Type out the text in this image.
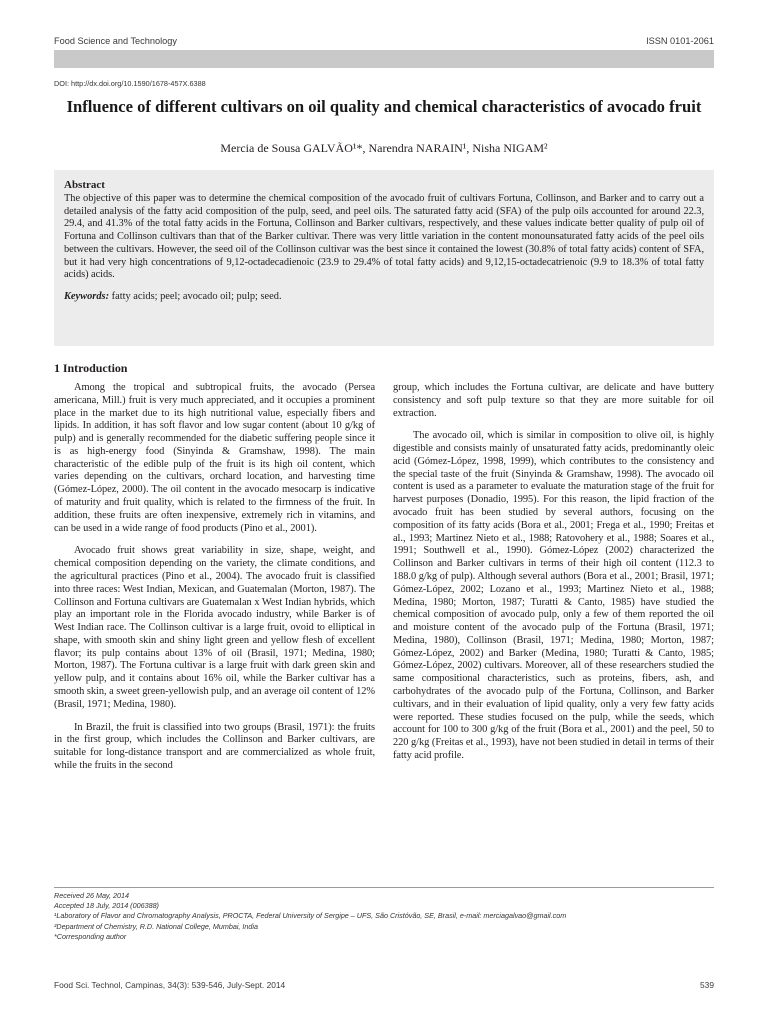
Food Science and Technology	ISSN 0101-2061
DOI: http://dx.doi.org/10.1590/1678-457X.6388
Influence of different cultivars on oil quality and chemical characteristics of avocado fruit
Mercia de Sousa GALVÃO¹*, Narendra NARAIN¹, Nisha NIGAM²
Abstract

The objective of this paper was to determine the chemical composition of the avocado fruit of cultivars Fortuna, Collinson, and Barker and to carry out a detailed analysis of the fatty acid composition of the pulp, seed, and peel oils. The saturated fatty acid (SFA) of the pulp oils accounted for around 22.3, 29.4, and 41.3% of the total fatty acids in the Fortuna, Collinson and Barker cultivars, respectively, and these values indicate better quality of pulp oil of Fortuna and Collinson cultivars than that of the Barker cultivar. There was very little variation in the content monounsaturated fatty acids of the peel oils between the cultivars. However, the seed oil of the Collinson cultivar was the best since it contained the lowest (30.8% of total fatty acids) content of SFA, but it had very high concentrations of 9,12-octadecadienoic (23.9 to 29.4% of total fatty acids) and 9,12,15-octadecatrienoic (9.9 to 18.3% of total fatty acids) acids.

Keywords: fatty acids; peel; avocado oil; pulp; seed.
1 Introduction

Among the tropical and subtropical fruits, the avocado (Persea americana, Mill.) fruit is very much appreciated, and it occupies a prominent place in the market due to its high nutritional value, especially fibers and lipids. In addition, it has soft flavor and low sugar content (about 10 g/kg of pulp) and is generally recommended for the diabetic suffering people since it is as high-energy food (Sinyinda & Gramshaw, 1998). The main characteristic of the edible pulp of the fruit is its high oil content, which varies depending on the cultivars, orchard location, and harvesting time (Gómez-López, 2000). The oil content in the avocado mesocarp is indicative of maturity and fruit quality, which is related to the firmness of the fruit. In addition, these fruits are often inexpensive, extremely rich in vitamins, and can be used in a wide range of food products (Pino et al., 2001).

Avocado fruit shows great variability in size, shape, weight, and chemical composition depending on the variety, the climate conditions, and the agricultural practices (Pino et al., 2004). The avocado fruit is classified into three races: West Indian, Mexican, and Guatemalan (Morton, 1987). The Collinson and Fortuna cultivars are Guatemalan x West Indian hybrids, which play an important role in the Florida avocado industry, while Barker is of West Indian race. The Collinson cultivar is a large fruit, ovoid to elliptical in shape, with smooth skin and shiny light green and yellow flesh of excellent flavor; its pulp contains about 13% of oil (Brasil, 1971; Medina, 1980; Morton, 1987). The Fortuna cultivar is a large fruit with dark green skin and yellow pulp, and it contains about 16% oil, while the Barker cultivar has a smooth skin, a sweet green-yellowish pulp, and an average oil content of 12% (Brasil, 1971; Medina, 1980).

In Brazil, the fruit is classified into two groups (Brasil, 1971): the fruits in the first group, which includes the Collinson and Barker cultivars, are suitable for long-distance transport and are commercialized as whole fruit, while the fruits in the second

group, which includes the Fortuna cultivar, are delicate and have buttery consistency and soft pulp texture so that they are more suitable for oil extraction.

The avocado oil, which is similar in composition to olive oil, is highly digestible and consists mainly of unsaturated fatty acids, predominantly oleic acid (Gómez-López, 1998, 1999), which contributes to the consistency and the special taste of the fruit (Sinyinda & Gramshaw, 1998). The avocado oil content is used as a parameter to evaluate the maturation stage of the fruit for harvest purposes (Donadio, 1995). For this reason, the lipid fraction of the avocado fruit has been studied by several authors, focusing on the composition of its fatty acids (Bora et al., 2001; Frega et al., 1990; Freitas et al., 1993; Martinez Nieto et al., 1988; Ratovohery et al., 1988; Soares et al., 1991; Southwell et al., 1990). Gómez-López (2002) characterized the Collinson and Barker cultivars in terms of their high oil content (112.3 to 188.0 g/kg of pulp). Although several authors (Bora et al., 2001; Brasil, 1971; Gómez-López, 2002; Lozano et al., 1993; Martinez Nieto et al., 1988; Medina, 1980; Morton, 1987; Turatti & Canto, 1985) have studied the chemical composition of avocado pulp, only a few of them reported the oil and moisture content of the avocado pulp of the Fortuna (Brasil, 1971; Medina, 1980), Collinson (Brasil, 1971; Medina, 1980; Morton, 1987; Gómez-López, 2002) and Barker (Medina, 1980; Turatti & Canto, 1985; Gómez-López, 2002) cultivars. Moreover, all of these researchers studied the same compositional characteristics, such as proteins, fibers, ash, and carbohydrates of the avocado pulp of the Fortuna, Collinson, and Barker cultivars, and in their evaluation of lipid quality, only a very few fatty acids were reported. These studies focused on the pulp, while the seeds, which account for 100 to 300 g/kg of the fruit (Bora et al., 2001) and the peel, 50 to 220 g/kg (Freitas et al., 1993), have not been studied in detail in terms of their fatty acid profile.

Received 26 May, 2014
Accepted 18 July, 2014 (006388)
¹Laboratory of Flavor and Chromatography Analysis, PROCTA, Federal University of Sergipe – UFS, São Cristóvão, SE, Brasil, e-mail: merciagalvao@gmail.com
²Department of Chemistry, R.D. National College, Mumbai, India
*Corresponding author
Food Sci. Technol, Campinas, 34(3): 539-546, July-Sept. 2014	539
